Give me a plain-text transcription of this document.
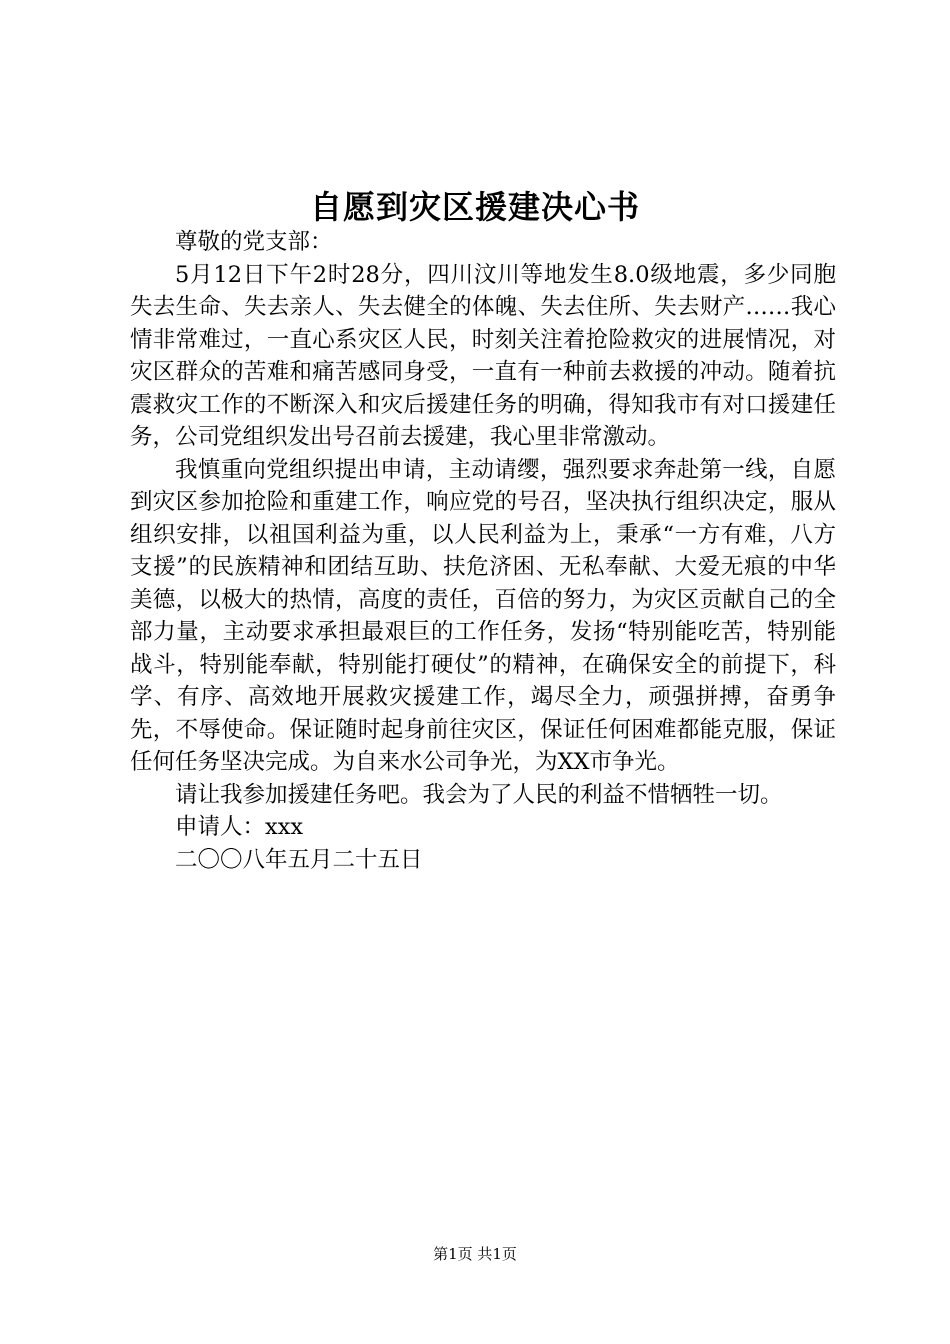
自愿到灾区援建决心书

尊敬的党支部：

5月12日下午2时28分，四川汶川等地发生8.0级地震，多少同胞失去生命、失去亲人、失去健全的体魄、失去住所、失去财产……我心情非常难过，一直心系灾区人民，时刻关注着抢险救灾的进展情况，对灾区群众的苦难和痛苦感同身受，一直有一种前去救援的冲动。随着抗震救灾工作的不断深入和灾后援建任务的明确，得知我市有对口援建任务，公司党组织发出号召前去援建，我心里非常激动。

我慎重向党组织提出申请，主动请缨，强烈要求奔赴第一线，自愿到灾区参加抢险和重建工作，响应党的号召，坚决执行组织决定，服从组织安排，以祖国利益为重，以人民利益为上，秉承“一方有难，八方支援”的民族精神和团结互助、扶危济困、无私奉献、大爱无痕的中华美德，以极大的热情，高度的责任，百倍的努力，为灾区贡献自己的全部力量，主动要求承担最艰巨的工作任务，发扬“特别能吃苦，特别能战斗，特别能奉献，特别能打硬仗”的精神，在确保安全的前提下，科学、有序、高效地开展救灾援建工作，竭尽全力，顽强拼搏，奋勇争先，不辱使命。保证随时起身前往灾区，保证任何困难都能克服，保证任何任务坚决完成。为自来水公司争光，为XX市争光。

请让我参加援建任务吧。我会为了人民的利益不惜牺牲一切。

申请人：xxx

二〇〇八年五月二十五日

第1页 共1页
